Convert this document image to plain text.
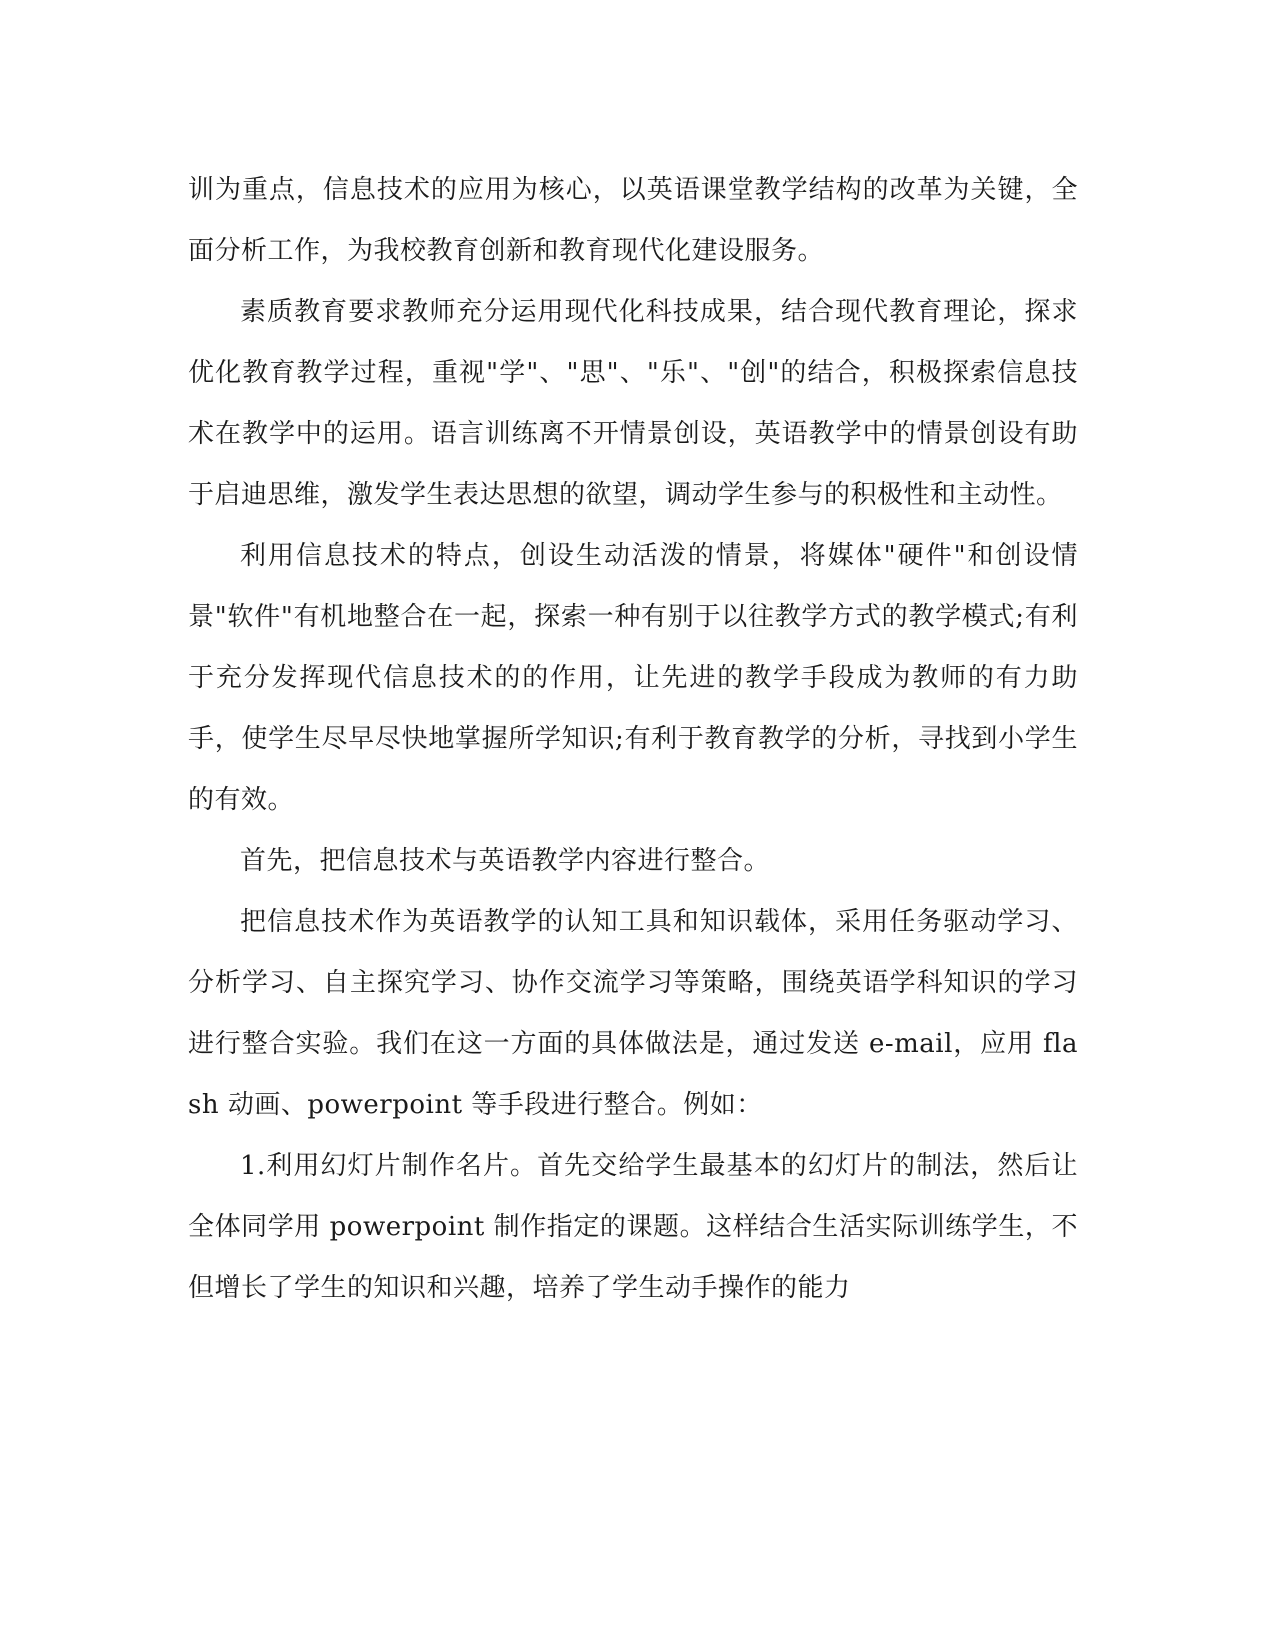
训为重点，信息技术的应用为核心，以英语课堂教学结构的改革为关键，全面分析工作，为我校教育创新和教育现代化建设服务。

素质教育要求教师充分运用现代化科技成果，结合现代教育理论，探求优化教育教学过程，重视"学"、"思"、"乐"、"创"的结合，积极探索信息技术在教学中的运用。语言训练离不开情景创设，英语教学中的情景创设有助于启迪思维，激发学生表达思想的欲望，调动学生参与的积极性和主动性。

利用信息技术的特点，创设生动活泼的情景，将媒体"硬件"和创设情景"软件"有机地整合在一起，探索一种有别于以往教学方式的教学模式;有利于充分发挥现代信息技术的的作用，让先进的教学手段成为教师的有力助手，使学生尽早尽快地掌握所学知识;有利于教育教学的分析，寻找到小学生的有效。

首先，把信息技术与英语教学内容进行整合。

把信息技术作为英语教学的认知工具和知识载体，采用任务驱动学习、分析学习、自主探究学习、协作交流学习等策略，围绕英语学科知识的学习进行整合实验。我们在这一方面的具体做法是，通过发送 e-mail，应用 flash 动画、powerpoint 等手段进行整合。例如：

1.利用幻灯片制作名片。首先交给学生最基本的幻灯片的制法，然后让全体同学用 powerpoint 制作指定的课题。这样结合生活实际训练学生，不但增长了学生的知识和兴趣，培养了学生动手操作的能力
